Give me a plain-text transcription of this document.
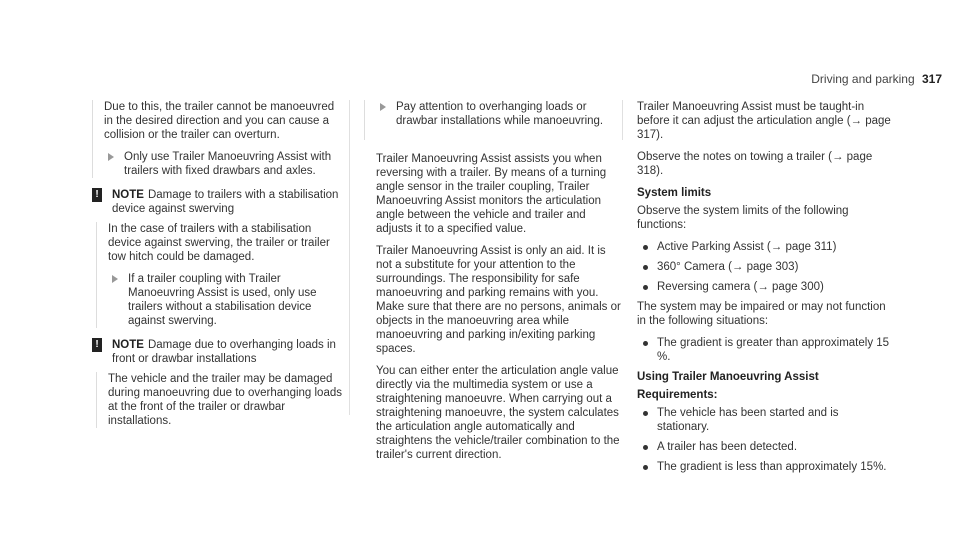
Driving and parking 317

Due to this, the trailer cannot be manoeuvred in the desired direction and you can cause a collision or the trailer can overturn.

Only use Trailer Manoeuvring Assist with trailers with fixed drawbars and axles.
! NOTE Damage to trailers with a stabilisation device against swerving

In the case of trailers with a stabilisation device against swerving, the trailer or trailer tow hitch could be damaged.

If a trailer coupling with Trailer Manoeuvring Assist is used, only use trailers without a stabilisation device against swerving.
! NOTE Damage due to overhanging loads in front or drawbar installations

The vehicle and the trailer may be damaged during manoeuvring due to overhanging loads at the front of the trailer or drawbar installations.

Pay attention to overhanging loads or drawbar installations while manoeuvring.

Trailer Manoeuvring Assist assists you when reversing with a trailer. By means of a turning angle sensor in the trailer coupling, Trailer Manoeuvring Assist monitors the articulation angle between the vehicle and trailer and adjusts it to a specified value.

Trailer Manoeuvring Assist is only an aid. It is not a substitute for your attention to the surroundings. The responsibility for safe manoeuvring and parking remains with you. Make sure that there are no persons, animals or objects in the manoeuvring area while manoeuvring and parking in/exiting parking spaces.

You can either enter the articulation angle value directly via the multimedia system or use a straightening manoeuvre. When carrying out a straightening manoeuvre, the system calculates the articulation angle automatically and straightens the vehicle/trailer combination to the trailer's current direction.

Trailer Manoeuvring Assist must be taught-in before it can adjust the articulation angle (→ page 317).

Observe the notes on towing a trailer (→ page 318).

System limits

Observe the system limits of the following functions:

Active Parking Assist (→ page 311)
360° Camera (→ page 303)
Reversing camera (→ page 300)

The system may be impaired or may not function in the following situations:

The gradient is greater than approximately 15 %.
Using Trailer Manoeuvring Assist
Requirements:
The vehicle has been started and is stationary.
A trailer has been detected.
The gradient is less than approximately 15%.
